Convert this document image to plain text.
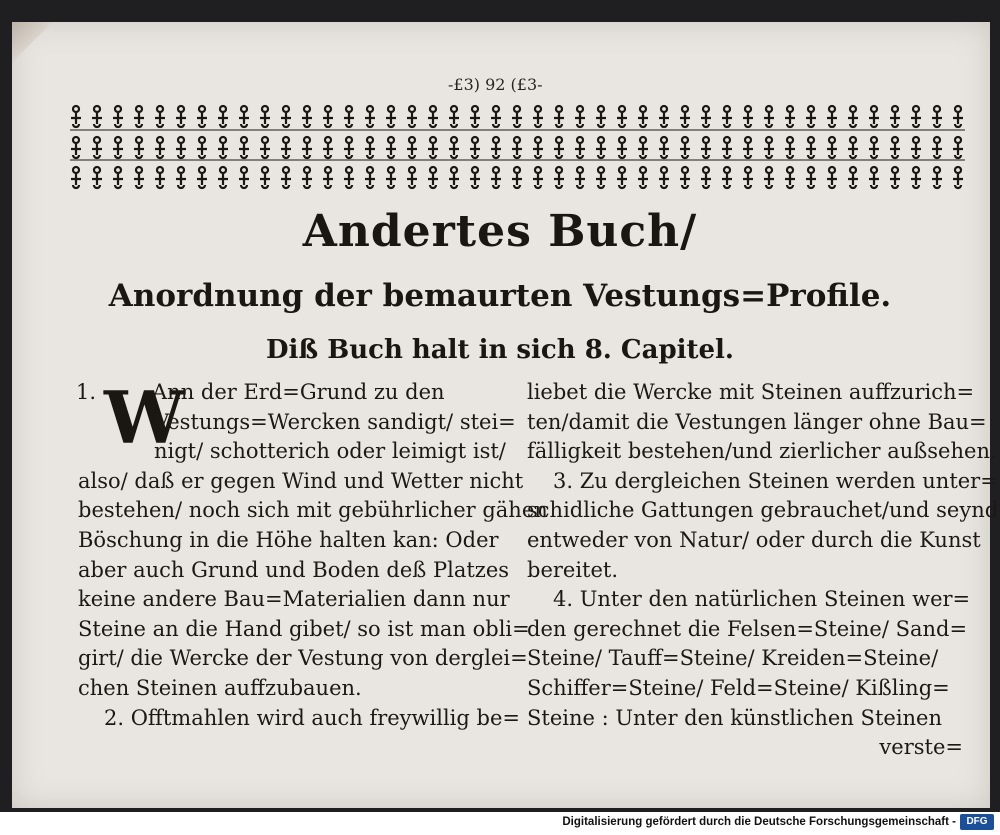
-£3) 92 (£3-
Andertes Buch/
Anordnung der bemaurten Vestungs=Profile.
Diß Buch halt in sich 8. Capitel.
W
1.	Ann der Erd=Grund zu den
Vestungs=Wercken sandigt/ stei=
nigt/ schotterich oder leimigt ist/
also/ daß er gegen Wind und Wetter nicht
bestehen/ noch sich mit gebührlicher gähen
Böschung in die Höhe halten kan: Oder
aber auch Grund und Boden deß Platzes
keine andere Bau=Materialien dann nur
Steine an die Hand gibet/ so ist man obli=
girt/ die Wercke der Vestung von derglei=
chen Steinen auffzubauen.
2. Offtmahlen wird auch freywillig be=
liebet die Wercke mit Steinen auffzurich=
ten/damit die Vestungen länger ohne Bau=
fälligkeit bestehen/und zierlicher außsehen.
3. Zu dergleichen Steinen werden unter=
schidliche Gattungen gebrauchet/und seynd
entweder von Natur/ oder durch die Kunst
bereitet.
4. Unter den natürlichen Steinen wer=
den gerechnet die Felsen=Steine/ Sand=
Steine/ Tauff=Steine/ Kreiden=Steine/
Schiffer=Steine/ Feld=Steine/ Kißling=
Steine : Unter den künstlichen Steinen
verste=
Digitalisierung gefördert durch die Deutsche Forschungsgemeinschaft -	DFG
